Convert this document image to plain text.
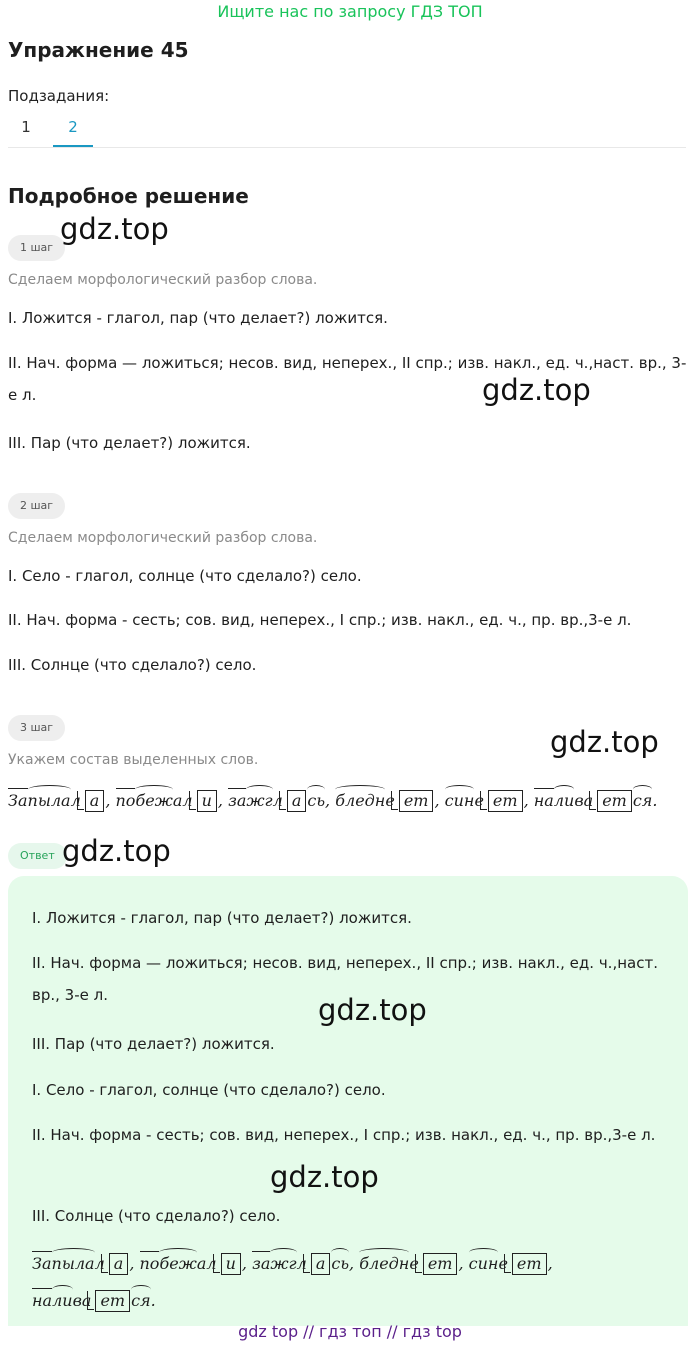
Ищите нас по запросу ГДЗ ТОП
Упражнение 45
Подзадания:
1	2
Подробное решение
1 шаг
Сделаем морфологический разбор слова.
I. Ложится - глагол, пар (что делает?) ложится.
II. Нач. форма — ложиться; несов. вид, неперех., II спр.; изв. накл., ед. ч.,наст. вр., 3-е л.
III. Пар (что делает?) ложится.
2 шаг
Сделаем морфологический разбор слова.
I. Село - глагол, солнце (что сделало?) село.
II. Нач. форма - сесть; сов. вид, неперех., I спр.; изв. накл., ед. ч., пр. вр.,3-е л.
III. Солнце (что сделало?) село.
3 шаг
Укажем состав выделенных слов.
Запылал а , побежал и , зажгл а сь, бледне ет , сине ет , налива ет ся.
Ответ
I. Ложится - глагол, пар (что делает?) ложится.
II. Нач. форма — ложиться; несов. вид, неперех., II спр.; изв. накл., ед. ч.,наст. вр., 3-е л.
III. Пар (что делает?) ложится.
I. Село - глагол, солнце (что сделало?) село.
II. Нач. форма - сесть; сов. вид, неперех., I спр.; изв. накл., ед. ч., пр. вр.,3-е л.
III. Солнце (что сделало?) село.
Запылал а , побежал и , зажгл а сь, бледне ет , сине ет ,
налива ет ся.
gdz.top
gdz.top
gdz.top
gdz.top
gdz.top
gdz.top
gdz top // гдз топ // гдз top
